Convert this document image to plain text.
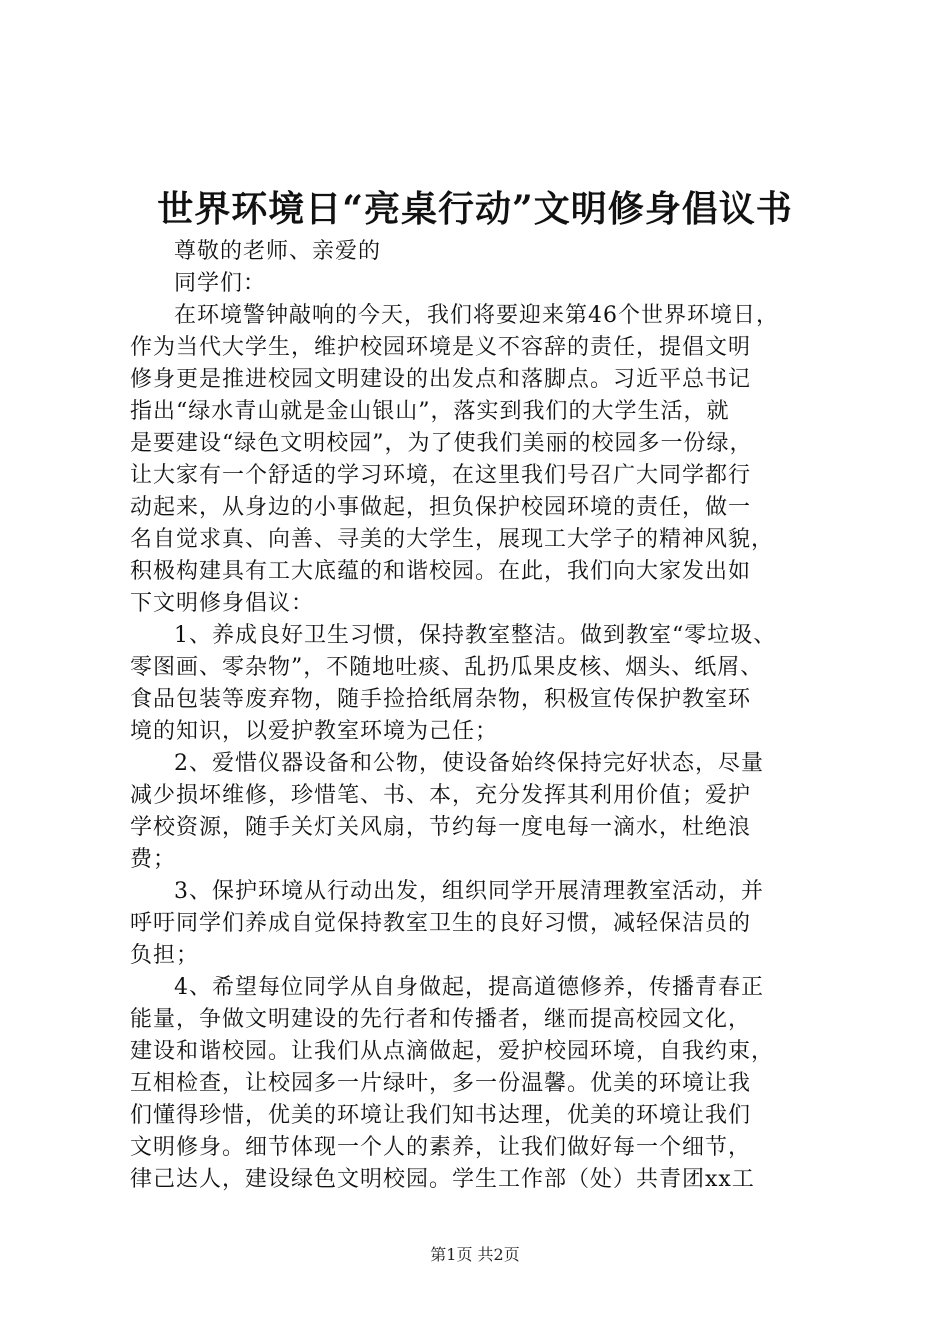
世界环境日“亮桌行动”文明修身倡议书
尊敬的老师、亲爱的
同学们：
在环境警钟敲响的今天，我们将要迎来第46个世界环境日，
作为当代大学生，维护校园环境是义不容辞的责任，提倡文明
修身更是推进校园文明建设的出发点和落脚点。习近平总书记
指出“绿水青山就是金山银山”，落实到我们的大学生活，就
是要建设“绿色文明校园”，为了使我们美丽的校园多一份绿，
让大家有一个舒适的学习环境，在这里我们号召广大同学都行
动起来，从身边的小事做起，担负保护校园环境的责任，做一
名自觉求真、向善、寻美的大学生，展现工大学子的精神风貌，
积极构建具有工大底蕴的和谐校园。在此，我们向大家发出如
下文明修身倡议：
1、养成良好卫生习惯，保持教室整洁。做到教室“零垃圾、
零图画、零杂物”，不随地吐痰、乱扔瓜果皮核、烟头、纸屑、
食品包装等废弃物，随手捡拾纸屑杂物，积极宣传保护教室环
境的知识，以爱护教室环境为己任；
2、爱惜仪器设备和公物，使设备始终保持完好状态，尽量
减少损坏维修，珍惜笔、书、本，充分发挥其利用价值；爱护
学校资源，随手关灯关风扇，节约每一度电每一滴水，杜绝浪
费；
3、保护环境从行动出发，组织同学开展清理教室活动，并
呼吁同学们养成自觉保持教室卫生的良好习惯，减轻保洁员的
负担；
4、希望每位同学从自身做起，提高道德修养，传播青春正
能量，争做文明建设的先行者和传播者，继而提高校园文化，
建设和谐校园。让我们从点滴做起，爱护校园环境，自我约束，
互相检查，让校园多一片绿叶，多一份温馨。优美的环境让我
们懂得珍惜，优美的环境让我们知书达理，优美的环境让我们
文明修身。细节体现一个人的素养，让我们做好每一个细节，
律己达人，建设绿色文明校园。学生工作部（处）共青团xx工
第1页 共2页
